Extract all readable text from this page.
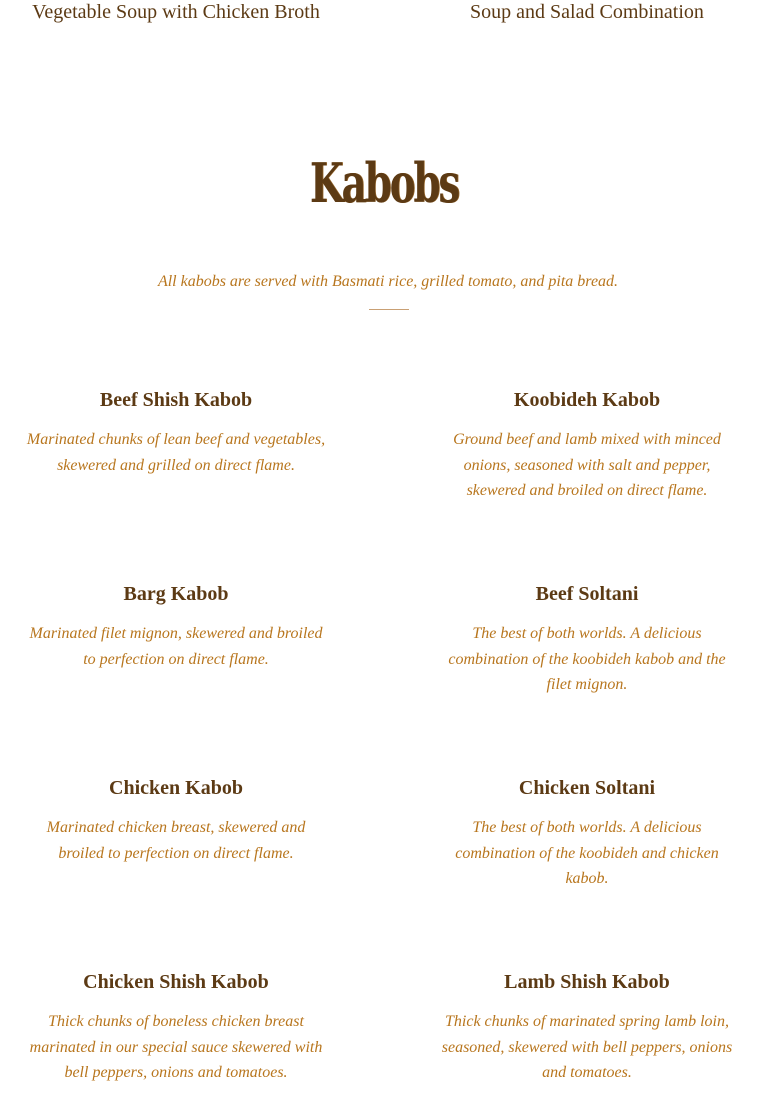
Vegetable Soup with Chicken Broth	Soup and Salad Combination
Kabobs
All kabobs are served with Basmati rice, grilled tomato, and pita bread.
Beef Shish Kabob

Marinated chunks of lean beef and vegetables, skewered and grilled on direct flame.

Koobideh Kabob

Ground beef and lamb mixed with minced onions, seasoned with salt and pepper, skewered and broiled on direct flame.

Barg Kabob

Marinated filet mignon, skewered and broiled to perfection on direct flame.

Beef Soltani

The best of both worlds. A delicious combination of the koobideh kabob and the filet mignon.

Chicken Kabob

Marinated chicken breast, skewered and broiled to perfection on direct flame.

Chicken Soltani

The best of both worlds. A delicious combination of the koobideh and chicken kabob.

Chicken Shish Kabob

Thick chunks of boneless chicken breast marinated in our special sauce skewered with bell peppers, onions and tomatoes.

Lamb Shish Kabob

Thick chunks of marinated spring lamb loin, seasoned, skewered with bell peppers, onions and tomatoes.
